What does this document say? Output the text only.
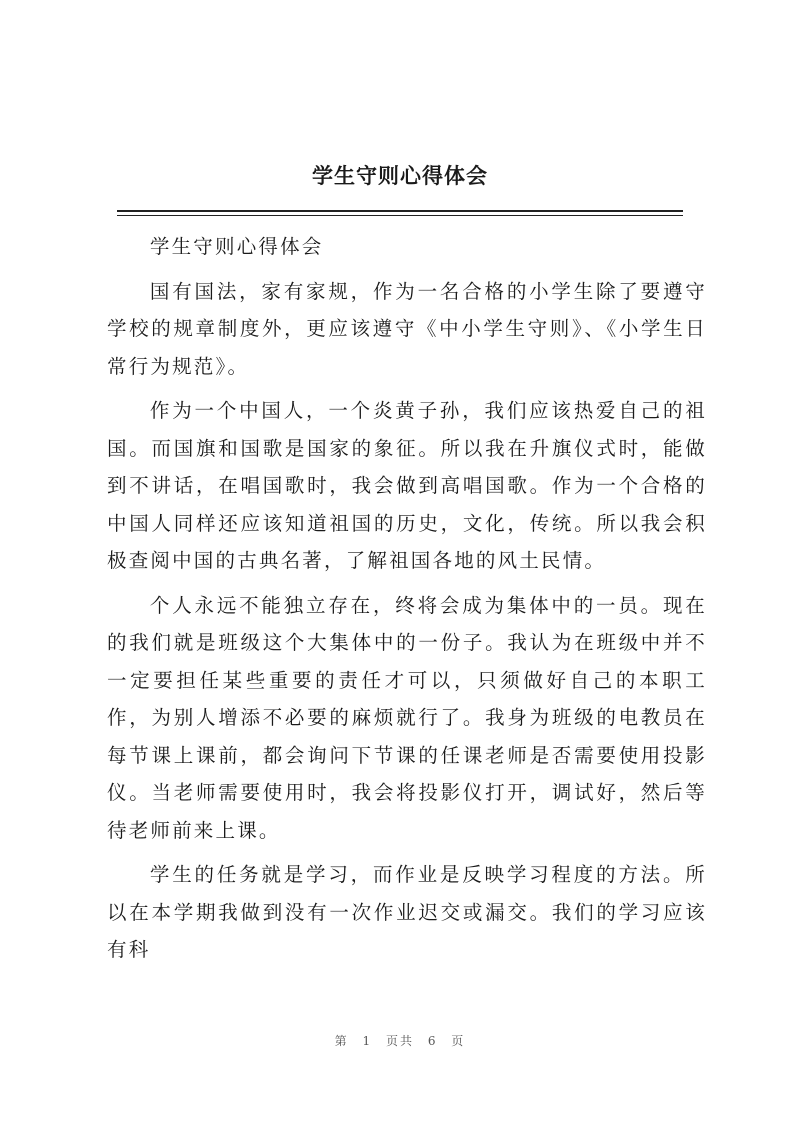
学生守则心得体会

学生守则心得体会

国有国法，家有家规，作为一名合格的小学生除了要遵守学校的规章制度外，更应该遵守《中小学生守则》、《小学生日常行为规范》。

作为一个中国人，一个炎黄子孙，我们应该热爱自己的祖国。而国旗和国歌是国家的象征。所以我在升旗仪式时，能做到不讲话，在唱国歌时，我会做到高唱国歌。作为一个合格的中国人同样还应该知道祖国的历史，文化，传统。所以我会积极查阅中国的古典名著，了解祖国各地的风土民情。

个人永远不能独立存在，终将会成为集体中的一员。现在的我们就是班级这个大集体中的一份子。我认为在班级中并不一定要担任某些重要的责任才可以，只须做好自己的本职工作，为别人增添不必要的麻烦就行了。我身为班级的电教员在每节课上课前，都会询问下节课的任课老师是否需要使用投影仪。当老师需要使用时，我会将投影仪打开，调试好，然后等待老师前来上课。

学生的任务就是学习，而作业是反映学习程度的方法。所以在本学期我做到没有一次作业迟交或漏交。我们的学习应该有科

第 1 页共 6 页
